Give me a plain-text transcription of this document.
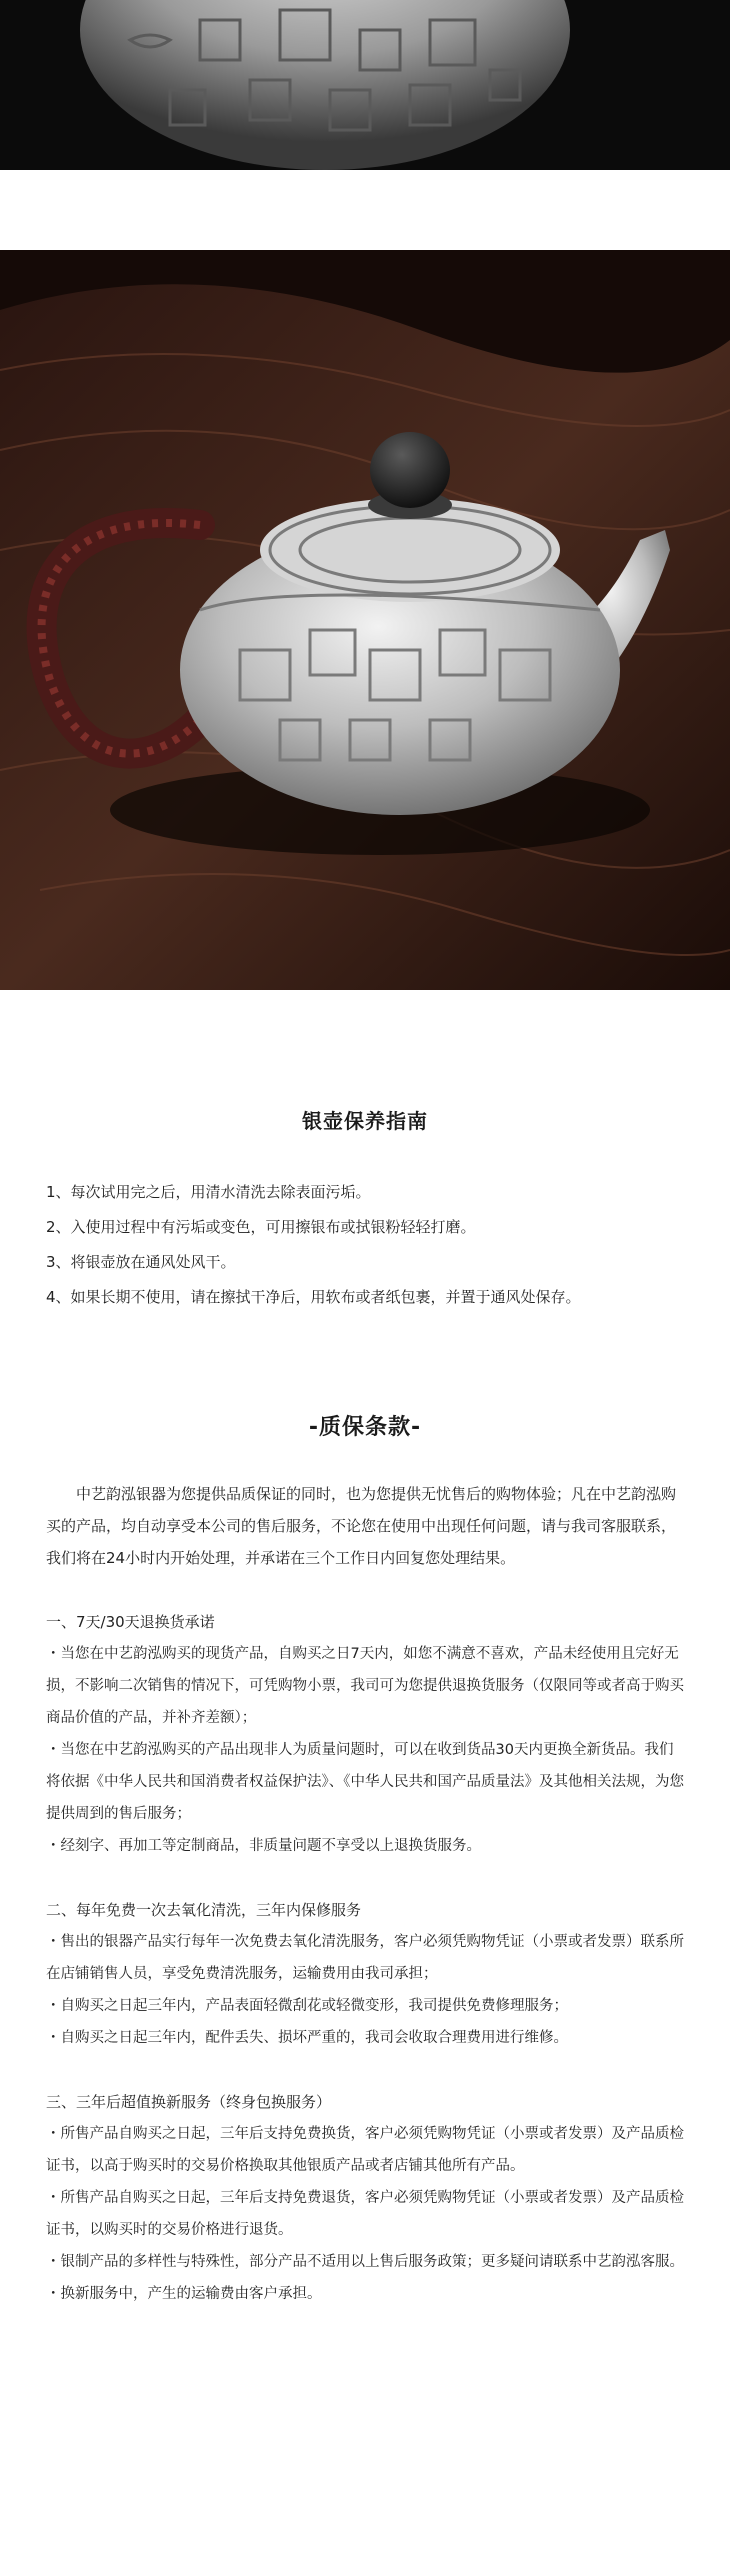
银壶保养指南
1、每次试用完之后，用清水清洗去除表面污垢。
2、入使用过程中有污垢或变色，可用擦银布或拭银粉轻轻打磨。
3、将银壶放在通风处风干。
4、如果长期不使用，请在擦拭干净后，用软布或者纸包裹，并置于通风处保存。
-质保条款-

中艺韵泓银器为您提供品质保证的同时，也为您提供无忧售后的购物体验；凡在中艺韵泓购买的产品，均自动享受本公司的售后服务，不论您在使用中出现任何问题，请与我司客服联系，我们将在24小时内开始处理，并承诺在三个工作日内回复您处理结果。

一、7天/30天退换货承诺

・当您在中艺韵泓购买的现货产品，自购买之日7天内，如您不满意不喜欢，产品未经使用且完好无损，不影响二次销售的情况下，可凭购物小票，我司可为您提供退换货服务（仅限同等或者高于购买商品价值的产品，并补齐差额）；

・当您在中艺韵泓购买的产品出现非人为质量问题时，可以在收到货品30天内更换全新货品。我们将依据《中华人民共和国消费者权益保护法》、《中华人民共和国产品质量法》及其他相关法规，为您提供周到的售后服务；

・经刻字、再加工等定制商品，非质量问题不享受以上退换货服务。

二、每年免费一次去氧化清洗，三年内保修服务

・售出的银器产品实行每年一次免费去氧化清洗服务，客户必须凭购物凭证（小票或者发票）联系所在店铺销售人员，享受免费清洗服务，运输费用由我司承担；

・自购买之日起三年内，产品表面轻微刮花或轻微变形，我司提供免费修理服务；

・自购买之日起三年内，配件丢失、损坏严重的，我司会收取合理费用进行维修。

三、三年后超值换新服务（终身包换服务）

・所售产品自购买之日起，三年后支持免费换货，客户必须凭购物凭证（小票或者发票）及产品质检证书，以高于购买时的交易价格换取其他银质产品或者店铺其他所有产品。

・所售产品自购买之日起，三年后支持免费退货，客户必须凭购物凭证（小票或者发票）及产品质检证书，以购买时的交易价格进行退货。

・银制产品的多样性与特殊性，部分产品不适用以上售后服务政策；更多疑问请联系中艺韵泓客服。

・换新服务中，产生的运输费由客户承担。
